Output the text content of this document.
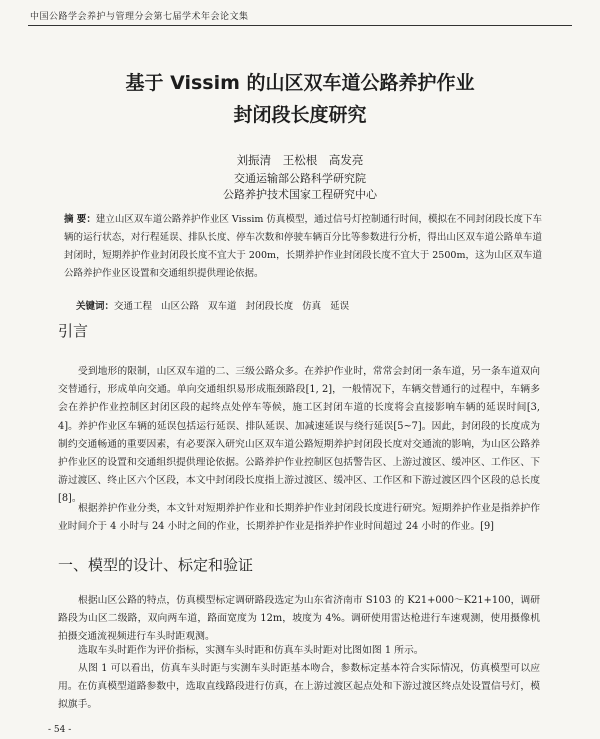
中国公路学会养护与管理分会第七届学术年会论文集
基于 Vissim 的山区双车道公路养护作业
封闭段长度研究
刘振清 王松根 高发亮
交通运输部公路科学研究院
公路养护技术国家工程研究中心
摘 要：建立山区双车道公路养护作业区 Vissim 仿真模型，通过信号灯控制通行时间，模拟在不同封闭段长度下车辆的运行状态，对行程延误、排队长度、停车次数和停驶车辆百分比等参数进行分析，得出山区双车道公路单车道封闭时，短期养护作业封闭段长度不宜大于 200m，长期养护作业封闭段长度不宜大于 2500m，这为山区双车道公路养护作业区设置和交通组织提供理论依据。
关键词：交通工程 山区公路 双车道 封闭段长度 仿真 延误
引言
受到地形的限制，山区双车道的二、三级公路众多。在养护作业时，常常会封闭一条车道，另一条车道双向交替通行，形成单向交通。单向交通组织易形成瓶颈路段[1, 2]，一般情况下，车辆交替通行的过程中，车辆多会在养护作业控制区封闭区段的起终点处停车等候，施工区封闭车道的长度将会直接影响车辆的延误时间[3, 4]。养护作业区车辆的延误包括运行延误、排队延误、加减速延误与绕行延误[5~7]。因此，封闭段的长度成为制约交通畅通的重要因素，有必要深入研究山区双车道公路短期养护封闭段长度对交通流的影响，为山区公路养护作业区的设置和交通组织提供理论依据。公路养护作业控制区包括警告区、上游过渡区、缓冲区、工作区、下游过渡区、终止区六个区段，本文中封闭段长度指上游过渡区、缓冲区、工作区和下游过渡区四个区段的总长度[8]。
根据养护作业分类，本文针对短期养护作业和长期养护作业封闭段长度进行研究。短期养护作业是指养护作业时间介于 4 小时与 24 小时之间的作业，长期养护作业是指养护作业时间超过 24 小时的作业。[9]
一、模型的设计、标定和验证
根据山区公路的特点，仿真模型标定调研路段选定为山东省济南市 S103 的 K21+000～K21+100，调研路段为山区二级路，双向两车道，路面宽度为 12m，坡度为 4%。调研使用雷达枪进行车速观测，使用摄像机拍摄交通流视频进行车头时距观测。
选取车头时距作为评价指标，实测车头时距和仿真车头时距对比图如图 1 所示。
从图 1 可以看出，仿真车头时距与实测车头时距基本吻合，参数标定基本符合实际情况，仿真模型可以应用。在仿真模型道路参数中，选取直线路段进行仿真，在上游过渡区起点处和下游过渡区终点处设置信号灯，模拟旗手。
- 54 -
